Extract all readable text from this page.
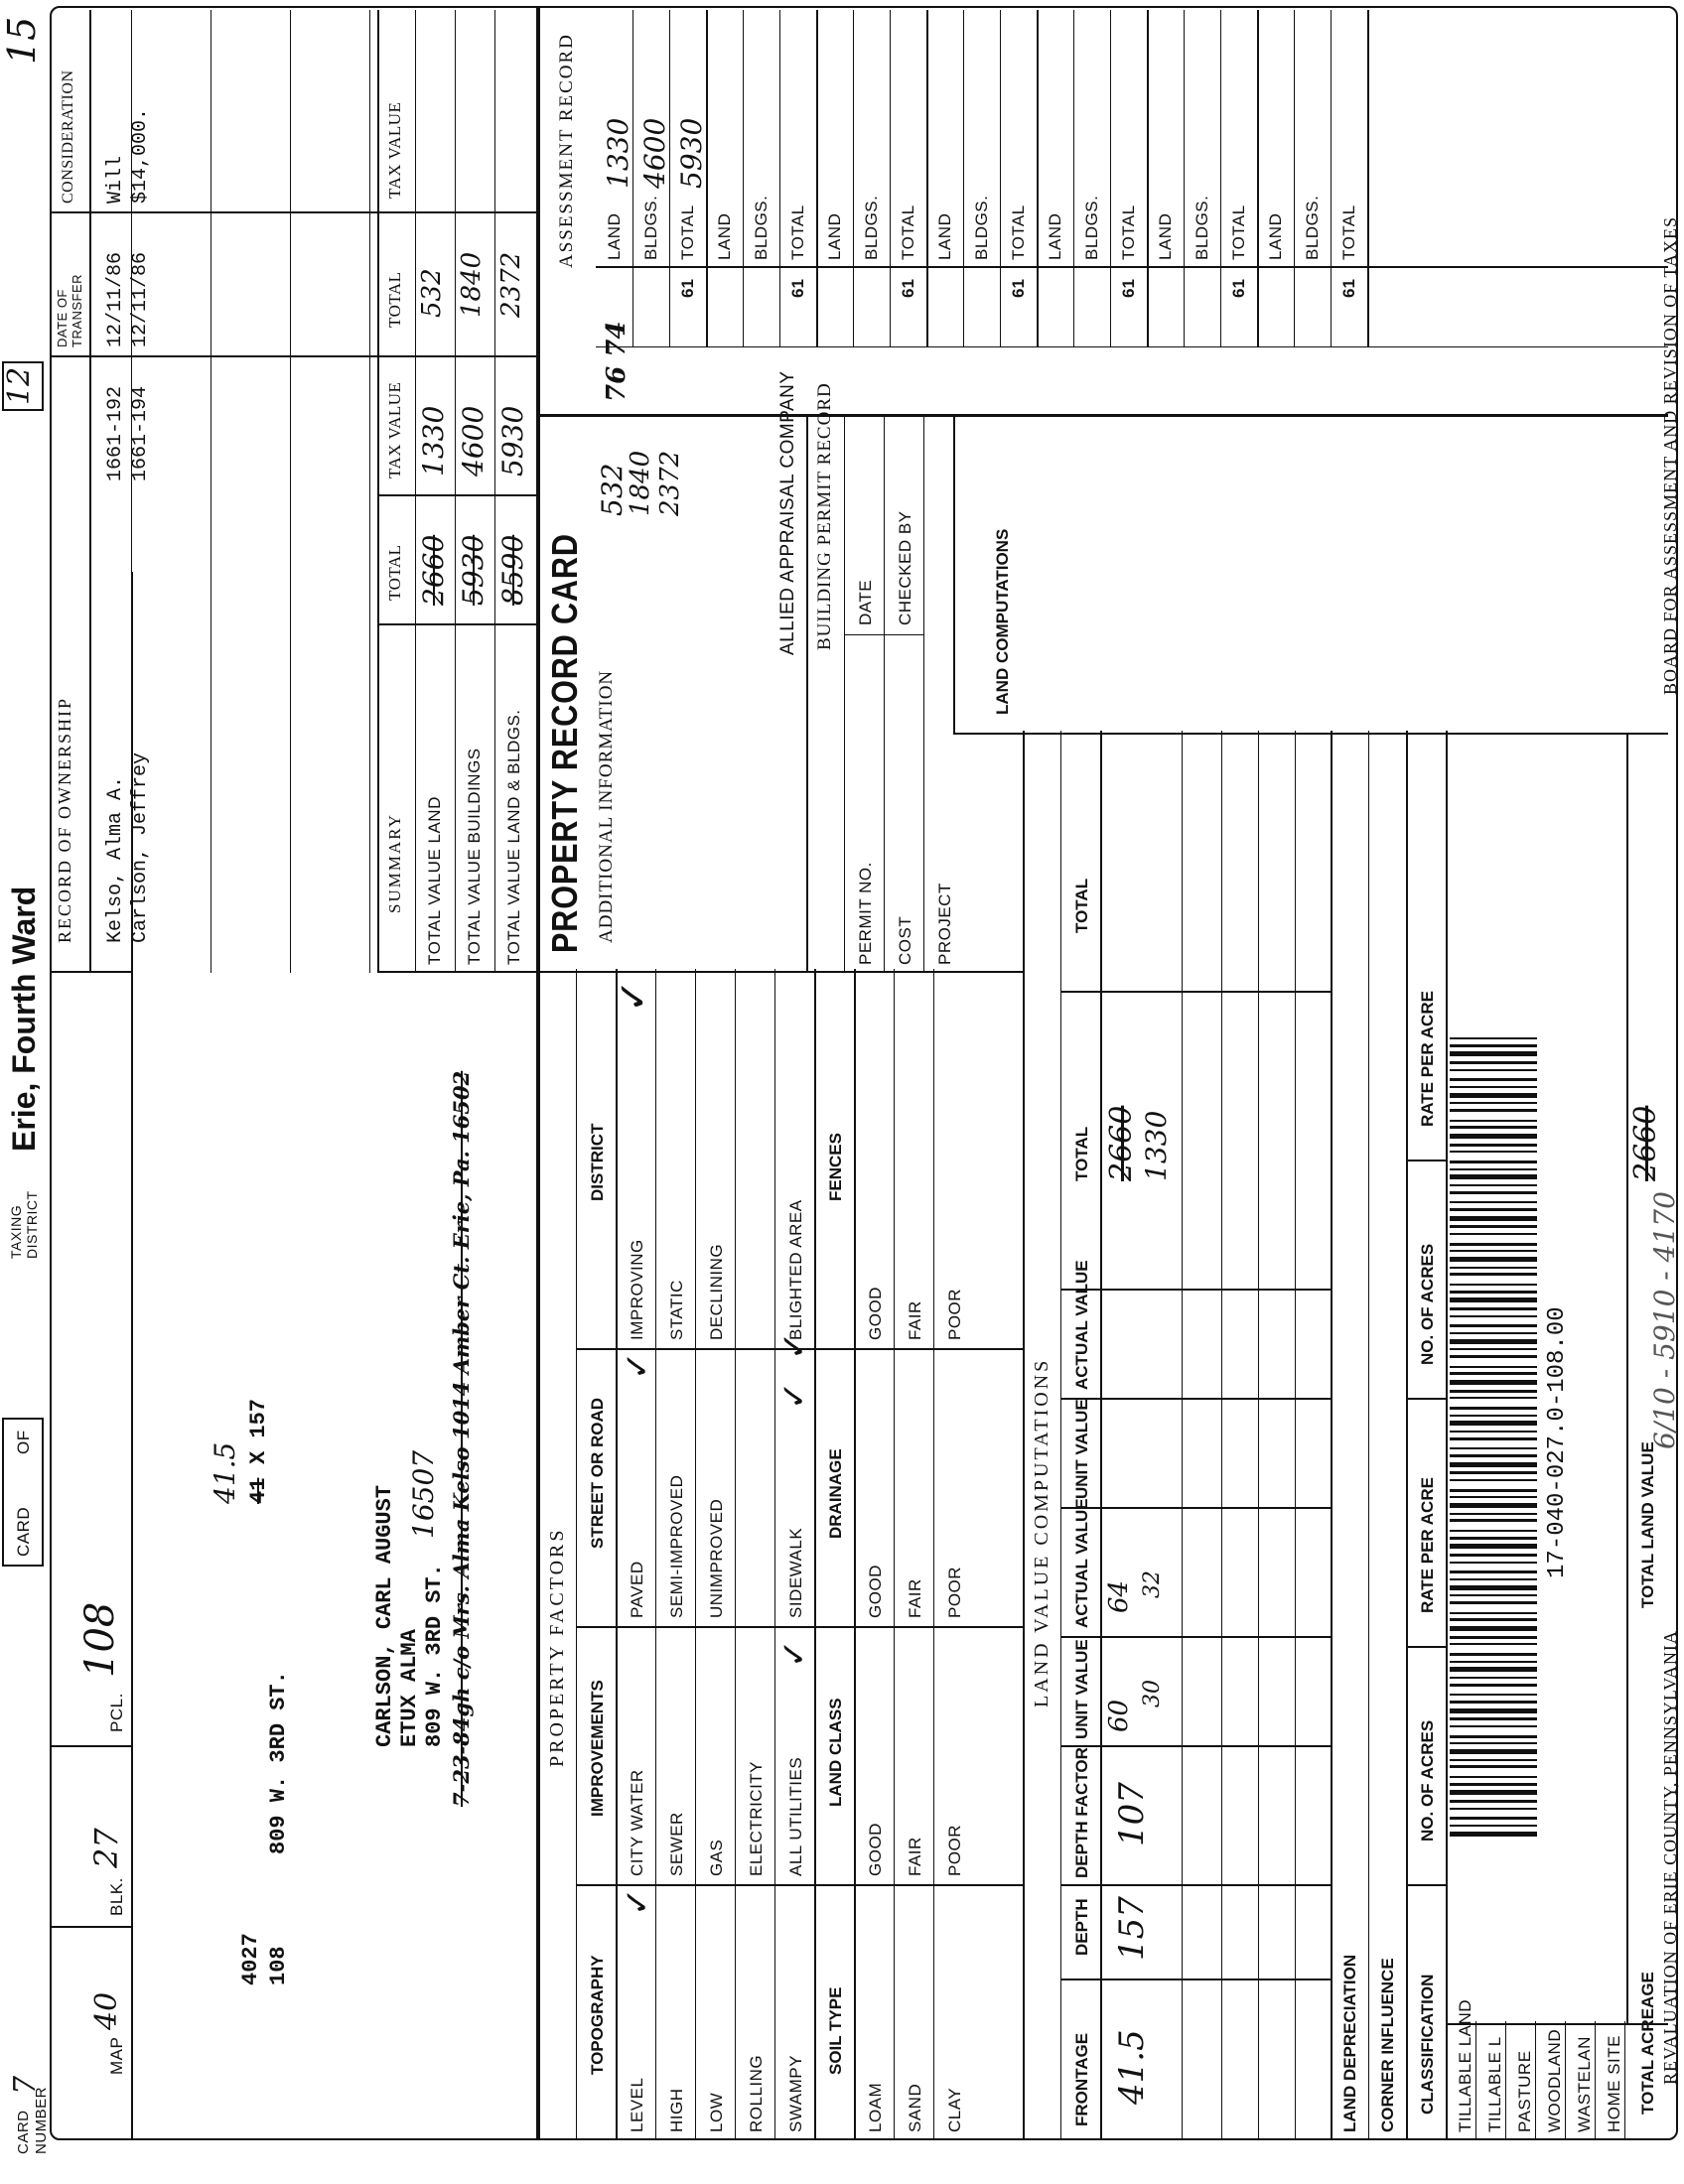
CARD NUMBER
7
CARD
OF
TAXING DISTRICT
Erie, Fourth Ward
12
15
MAP
40
BLK.
27
PCL.
108
4027 108
809 W. 3RD ST.
41.5 41
X 157
CARLSON, CARL AUGUST ETUX ALMA 809 W. 3RD ST.
16507 7-23-84gh c/o Mrs. Alma Kelso 1014 Amber Ct. Erie, Pa. 16502
RECORD OF OWNERSHIP
DATE OF TRANSFER
CONSIDERATION
Kelso, Alma A.
1661-192
12/11/86
Will
Carlson, Jeffrey
1661-194
12/11/86
$14,000.
SUMMARY
TOTAL
TAX VALUE
TOTAL
TAX VALUE
TOTAL VALUE LAND
2660
1330
532
TOTAL VALUE BUILDINGS
5930
4600
1840
TOTAL VALUE LAND & BLDGS.
8590
5930
2372
PROPERTY FACTORS
TOPOGRAPHY
IMPROVEMENTS
STREET OR ROAD
DISTRICT
LEVEL
CITY WATER
PAVED
IMPROVING
HIGH
SEWER
SEMI-IMPROVED
STATIC
LOW
GAS
UNIMPROVED
DECLINING
ROLLING
ELECTRICITY
SWAMPY
ALL UTILITIES
SIDEWALK
BLIGHTED AREA
✓
✓
✓
✓
✓
✓
SOIL TYPE
LAND CLASS
DRAINAGE
FENCES
LOAM
GOOD
GOOD
GOOD
SAND
FAIR
FAIR
FAIR
CLAY
POOR
POOR
POOR
PROPERTY RECORD CARD ADDITIONAL INFORMATION
532
1840 2372	ALLIED APPRAISAL COMPANY BUILDING PERMIT RECORD
PERMIT NO.
DATE
COST
CHECKED BY
PROJECT
LAND COMPUTATIONS
ASSESSMENT RECORD LAND BLDGS. TOTAL
61
LAND BLDGS. TOTAL
61
LAND BLDGS. TOTAL
61
LAND BLDGS. TOTAL
61
LAND BLDGS. TOTAL
61
LAND BLDGS. TOTAL
61
LAND BLDGS. TOTAL
61
1330 4600 5930
76 74
LAND VALUE COMPUTATIONS
FRONTAGE
DEPTH
DEPTH FACTOR
UNIT VALUE
ACTUAL VALUE
UNIT VALUE
ACTUAL VALUE
TOTAL
TOTAL
41.5
157
107
60
30
64 32
2660 1330
LAND DEPRECIATION CORNER INFLUENCE CLASSIFICATION
NO. OF ACRES
RATE PER ACRE
NO. OF ACRES
RATE PER ACRE
TILLABLE LAND TILLABLE L PASTURE WOODLAND WASTELAN HOME SITE TOTAL ACREAGE
17-040-027.0-108.00	TOTAL LAND VALUE
2660
REVALUATION OF ERIE COUNTY, PENNSYLVANIA
6/10 - 5910 - 4170
BOARD FOR ASSESSMENT AND REVISION OF TAXES
